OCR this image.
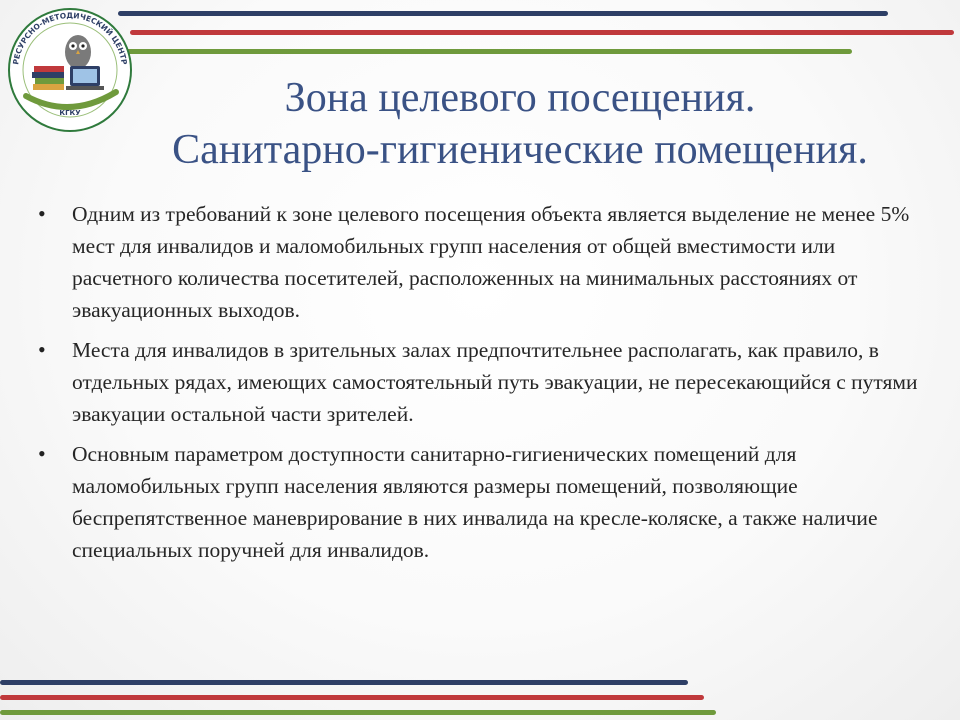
РЕСУРСНО-МЕТОДИЧЕСКИЙ ЦЕНТР
КГКУ	Зона целевого посещения.
Санитарно-гигиенические помещения.
• Одним из требований к зоне целевого посещения объекта является выделение не менее 5% мест для инвалидов и маломобильных групп населения от общей вместимости или расчетного количества посетителей, расположенных на минимальных расстояниях от эвакуационных выходов.
• Места для инвалидов в зрительных залах предпочтительнее располагать, как правило, в отдельных рядах, имеющих самостоятельный путь эвакуации, не пересекающийся с путями эвакуации остальной части зрителей.
• Основным параметром доступности санитарно-гигиенических помещений для маломобильных групп населения являются размеры помещений, позволяющие беспрепятственное маневрирование в них инвалида на кресле-коляске, а также наличие специальных поручней для инвалидов.
